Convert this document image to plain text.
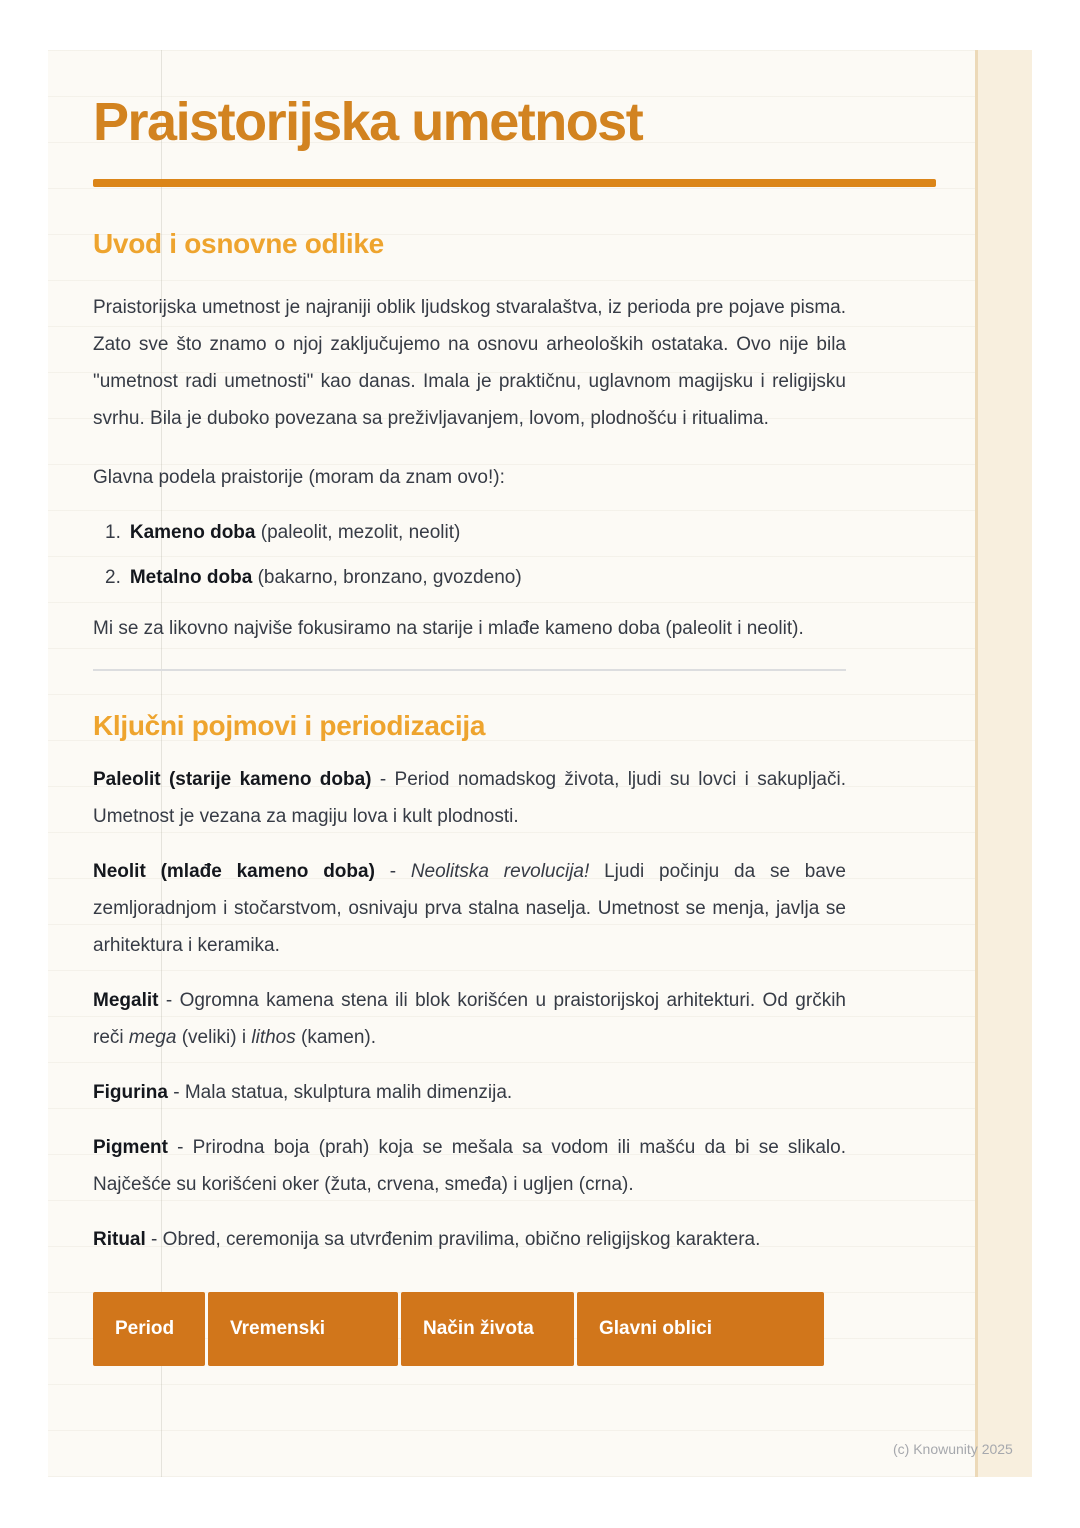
Praistorijska umetnost
Uvod i osnovne odlike

Praistorijska umetnost je najraniji oblik ljudskog stvaralaštva, iz perioda pre pojave pisma. Zato sve što znamo o njoj zaključujemo na osnovu arheoloških ostataka. Ovo nije bila "umetnost radi umetnosti" kao danas. Imala je praktičnu, uglavnom magijsku i religijsku svrhu. Bila je duboko povezana sa preživljavanjem, lovom, plodnošću i ritualima.

Glavna podela praistorije (moram da znam ovo!):

1. Kameno doba (paleolit, mezolit, neolit)
2. Metalno doba (bakarno, bronzano, gvozdeno)

Mi se za likovno najviše fokusiramo na starije i mlađe kameno doba (paleolit i neolit).

Ključni pojmovi i periodizacija

Paleolit (starije kameno doba) - Period nomadskog života, ljudi su lovci i sakupljači. Umetnost je vezana za magiju lova i kult plodnosti.

Neolit (mlađe kameno doba) - Neolitska revolucija! Ljudi počinju da se bave zemljoradnjom i stočarstvom, osnivaju prva stalna naselja. Umetnost se menja, javlja se arhitektura i keramika.

Megalit - Ogromna kamena stena ili blok korišćen u praistorijskoj arhitekturi. Od grčkih reči mega (veliki) i lithos (kamen).

Figurina - Mala statua, skulptura malih dimenzija.

Pigment - Prirodna boja (prah) koja se mešala sa vodom ili mašću da bi se slikalo. Najčešće su korišćeni oker (žuta, crvena, smeđa) i ugljen (crna).

Ritual - Obred, ceremonija sa utvrđenim pravilima, obično religijskog karaktera.

Period	Vremenski	Način života	Glavni oblici
(c) Knowunity 2025
